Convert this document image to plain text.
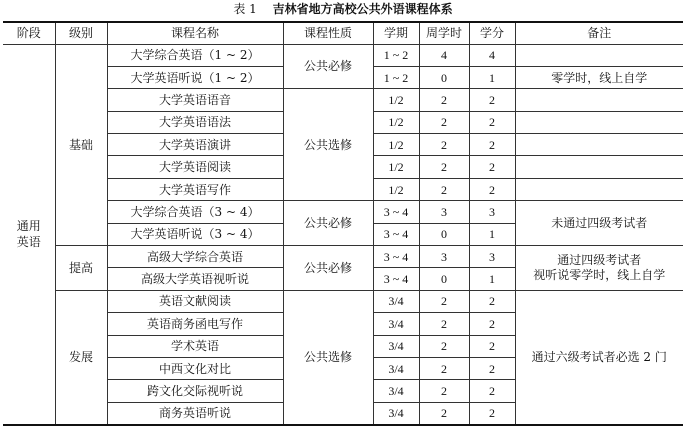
表 1 吉林省地方高校公共外语课程体系
阶段	级别	课程名称	课程性质	学期	周学时	学分	备注
通用英语	基础	大学综合英语（1 ~ 2）	公共必修	1 ~ 2	4	4	
		大学英语听说（1 ~ 2）		1 ~ 2	0	1	零学时，线上自学
		大学英语语音	公共选修	1/2	2	2	
		大学英语语法		1/2	2	2	
		大学英语演讲		1/2	2	2	
		大学英语阅读		1/2	2	2	
		大学英语写作		1/2	2	2	
		大学综合英语（3 ~ 4）	公共必修	3 ~ 4	3	3	未通过四级考试者
		大学英语听说（3 ~ 4）		3 ~ 4	0	1	
	提高	高级大学综合英语	公共必修	3 ~ 4	3	3	通过四级考试者
视听说零学时，线上自学

		高级大学英语视听说		3 ~ 4	0	1	
	发展	英语文献阅读	公共选修	3/4	2	2	通过六级考试者必选 2 门
		英语商务函电写作		3/4	2	2	
		学术英语		3/4	2	2	
		中西文化对比		3/4	2	2	
		跨文化交际视听说		3/4	2	2	
		商务英语听说		3/4	2	2	
